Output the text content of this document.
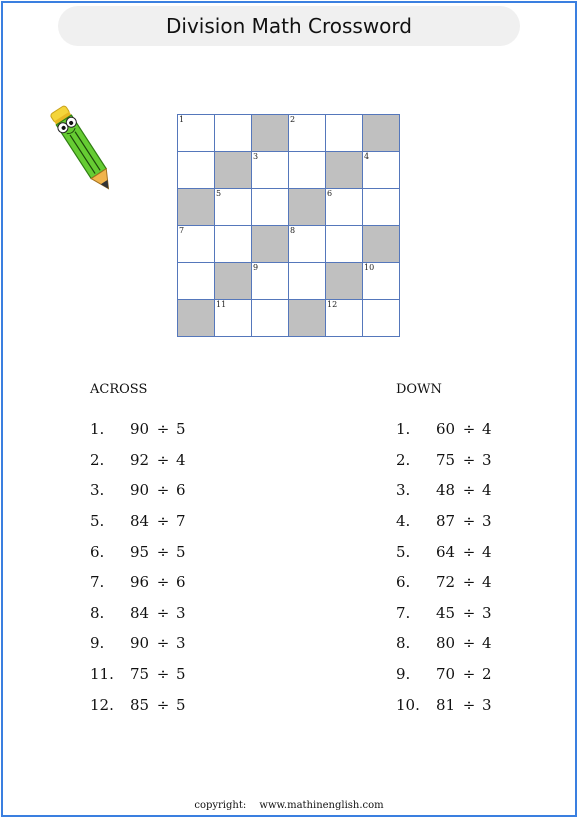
Division Math Crossword
1	2
3	4
5	6
7	8
9	10
11	12
ACROSS
1.	90 ÷ 5
2.	92 ÷ 4
3.	90 ÷ 6
5.	84 ÷ 7
6.	95 ÷ 5
7.	96 ÷ 6
8.	84 ÷ 3
9.	90 ÷ 3
11.	75 ÷ 5
12.	85 ÷ 5
DOWN
1.	60 ÷ 4
2.	75 ÷ 3
3.	48 ÷ 4
4.	87 ÷ 3
5.	64 ÷ 4
6.	72 ÷ 4
7.	45 ÷ 3
8.	80 ÷ 4
9.	70 ÷ 2
10.	81 ÷ 3
copyright: www.mathinenglish.com
